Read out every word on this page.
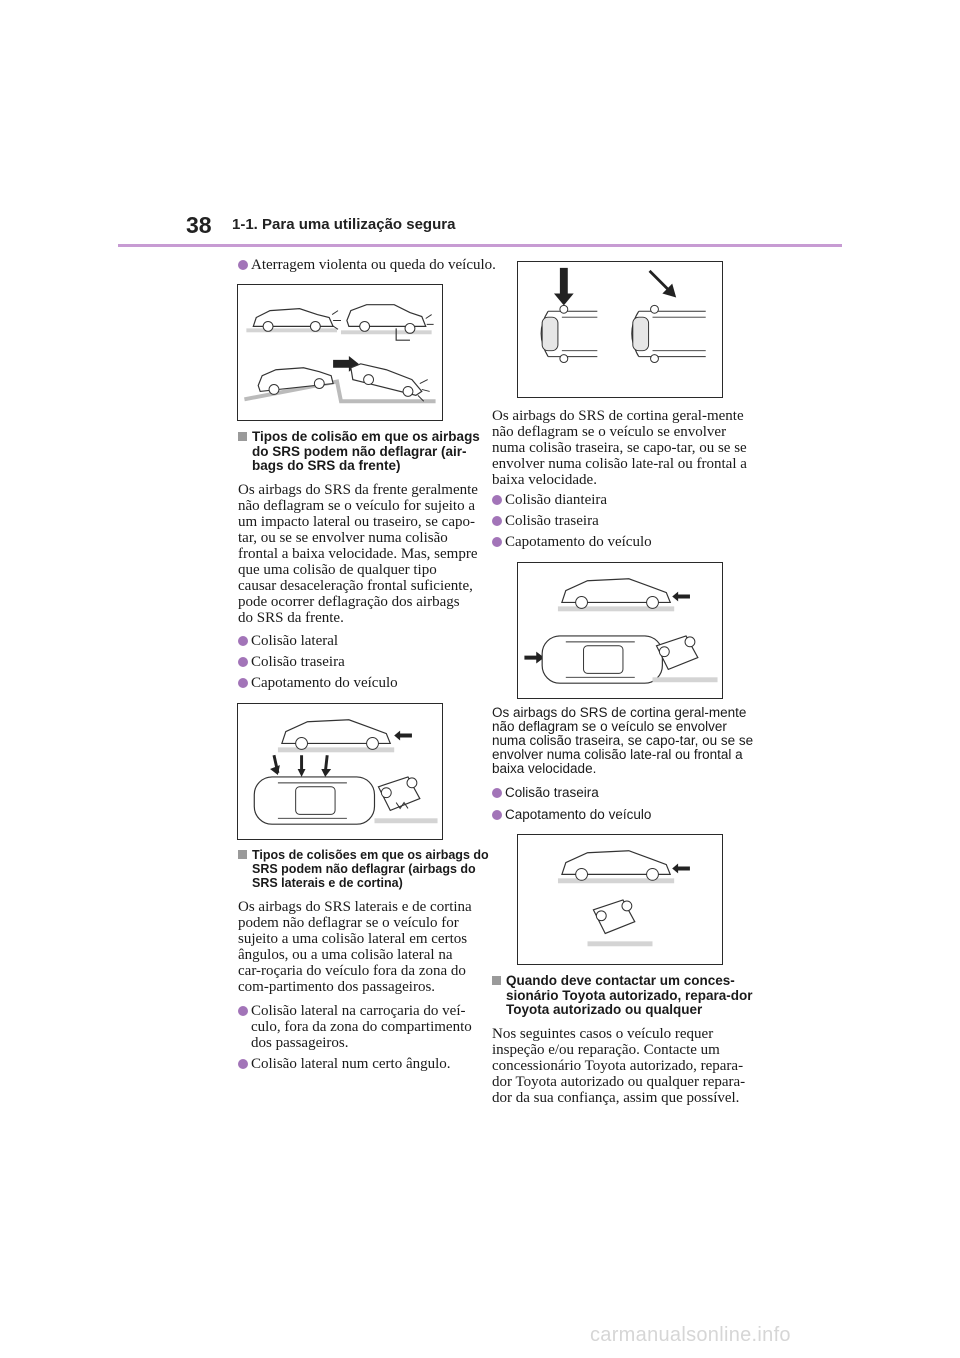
38 1-1. Para uma utilização segura

Aterragem violenta ou queda do veículo.

Tipos de colisão em que os airbags do SRS podem não deflagrar (air-bags do SRS da frente)

Os airbags do SRS da frente geralmente não deflagram se o veículo for sujeito a um impacto lateral ou traseiro, se capo-tar, ou se se envolver numa colisão frontal a baixa velocidade. Mas, sempre que uma colisão de qualquer tipo causar desaceleração frontal suficiente, pode ocorrer deflagração dos airbags do SRS da frente.

Colisão lateral

Colisão traseira

Capotamento do veículo

Tipos de colisões em que os airbags do SRS podem não deflagrar (airbags do SRS laterais e de cortina)

Os airbags do SRS laterais e de cortina podem não deflagrar se o veículo for sujeito a uma colisão lateral em certos ângulos, ou a uma colisão lateral na car-roçaria do veículo fora da zona do com-partimento dos passageiros.

Colisão lateral na carroçaria do veí-culo, fora da zona do compartimento dos passageiros.

Colisão lateral num certo ângulo.

Os airbags do SRS de cortina geral-mente não deflagram se o veículo se envolver numa colisão traseira, se capo-tar, ou se se envolver numa colisão late-ral ou frontal a baixa velocidade.

Colisão dianteira

Colisão traseira

Capotamento do veículo

Os airbags do SRS de cortina geral-mente não deflagram se o veículo se envolver numa colisão traseira, se capo-tar, ou se se envolver numa colisão late-ral ou frontal a baixa velocidade.

Colisão traseira

Capotamento do veículo

Quando deve contactar um conces-sionário Toyota autorizado, repara-dor Toyota autorizado ou qualquer

Nos seguintes casos o veículo requer inspeção e/ou reparação. Contacte um concessionário Toyota autorizado, repara-dor Toyota autorizado ou qualquer repara-dor da sua confiança, assim que possível.

carmanualsonline.info
